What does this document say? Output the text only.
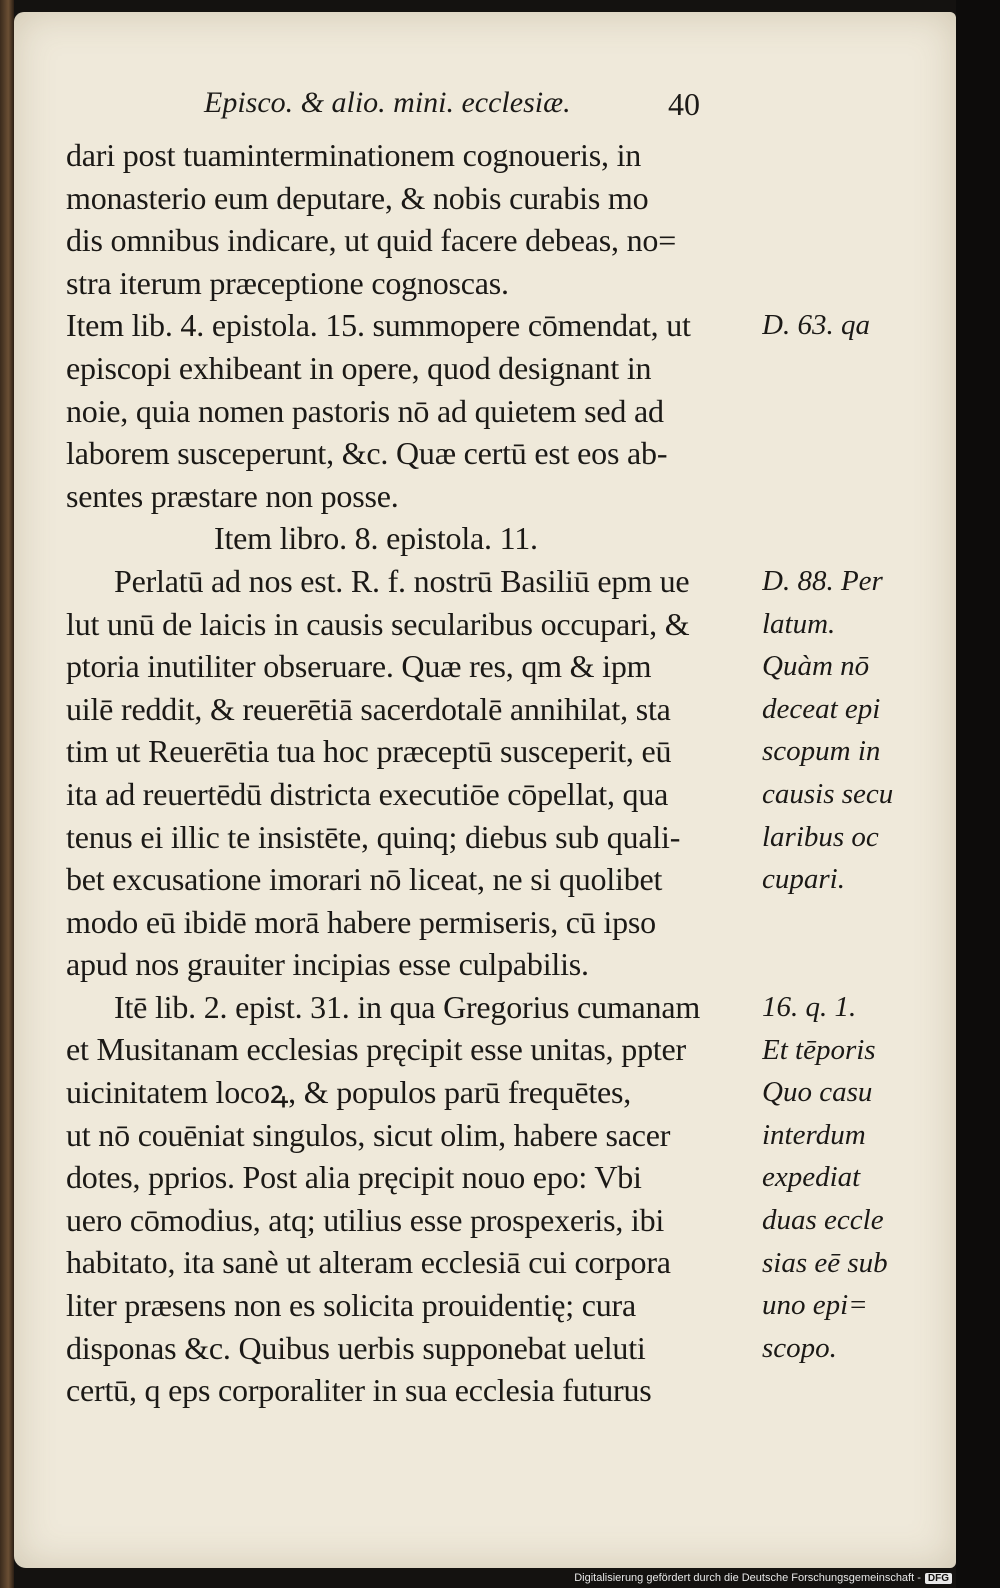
Episco. & alio. mini. ecclesiæ.	40
dari post tuaminterminationem cognoueris, in
monasterio eum deputare, & nobis curabis mo
dis omnibus indicare, ut quid facere debeas, no=
stra iterum præceptione cognoscas.
Item lib. 4. epistola. 15. summopere cōmendat, ut
episcopi exhibeant in opere, quod designant in
noie, quia nomen pastoris nō ad quietem sed ad
laborem susceperunt, &c. Quæ certū est eos ab-
sentes præstare non posse.
Item libro. 8. epistola. 11.
Perlatū ad nos est. R. f. nostrū Basiliū epm ue
lut unū de laicis in causis secularibus occupari, &
ptoria inutiliter obseruare. Quæ res, qm & ipm
uilē reddit, & reuerētiā sacerdotalē annihilat, sta
tim ut Reuerētia tua hoc præceptū susceperit, eū
ita ad reuertēdū districta executiōe cōpellat, qua
tenus ei illic te insistēte, quinq; diebus sub quali-
bet excusatione imorari nō liceat, ne si quolibet
modo eū ibidē morā habere permiseris, cū ipso
apud nos grauiter incipias esse culpabilis.
Itē lib. 2. epist. 31. in qua Gregorius cumanam
et Musitanam ecclesias pręcipit esse unitas, ppter
uicinitatem locoꝝ, & populos parū frequētes,
ut nō couēniat singulos, sicut olim, habere sacer
dotes, pprios. Post alia pręcipit nouo epo: Vbi
uero cōmodius, atq; utilius esse prospexeris, ibi
habitato, ita sanè ut alteram ecclesiā cui corpora
liter præsens non es solicita prouidentię; cura
disponas &c. Quibus uerbis supponebat ueluti
certū, q eps corporaliter in sua ecclesia futurus
D. 63. qa
D. 88. Per
latum.
Quàm nō
deceat epi
scopum in
causis secu
laribus oc
cupari.
16. q. 1.
Et tēporis
Quo casu
interdum
expediat
duas eccle
sias eē sub
uno epi=
scopo.
Digitalisierung gefördert durch die Deutsche Forschungsgemeinschaft - DFG
